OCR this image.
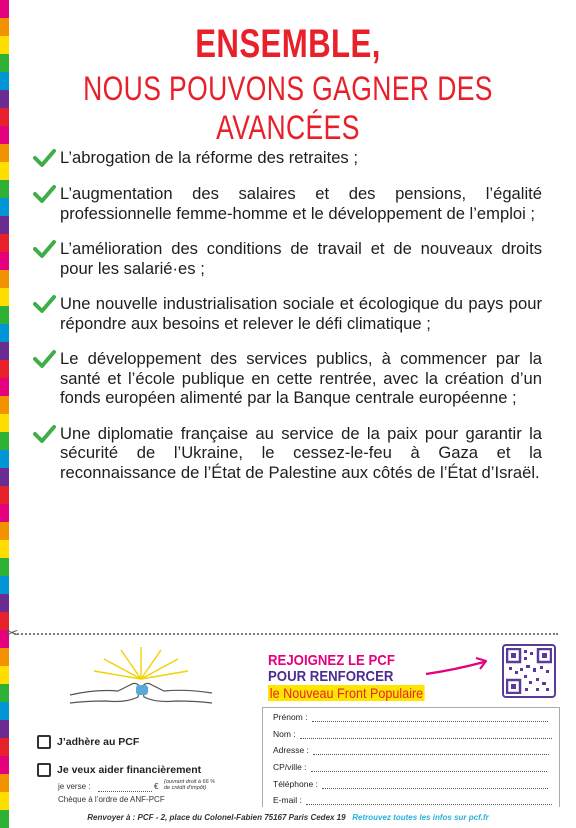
ENSEMBLE,
NOUS POUVONS GAGNER DES AVANCÉES
L’abrogation de la réforme des retraites ;
L’augmentation des salaires et des pensions, l’égalité professionnelle femme-homme et le développement de l’emploi ;
L’amélioration des conditions de travail et de nouveaux droits pour les salarié·es ;
Une nouvelle industrialisation sociale et écologique du pays pour répondre aux besoins et relever le défi climatique ;
Le développement des services publics, à commencer par la santé et l’école publique en cette rentrée, avec la création d’un fonds européen alimenté par la Banque centrale européenne ;
Une diplomatie française au service de la paix pour garantir la sécurité de l’Ukraine, le cessez-le-feu à Gaza et la reconnaissance de l’État de Palestine aux côtés de l’État d’Israël.
✂
J’adhère au PCF
Je veux aider financièrement
je verse :	€ (ouvrant droit à 66 % de crédit d’impôt)
Chèque à l’ordre de ANF-PCF
REJOIGNEZ LE PCF
POUR RENFORCER
le Nouveau Front Populaire
Prénom :
Nom :
Adresse :
CP/ville :
Téléphone :
E-mail :
Renvoyer à : PCF - 2, place du Colonel-Fabien 75167 Paris Cedex 19 Retrouvez toutes les infos sur pcf.fr
